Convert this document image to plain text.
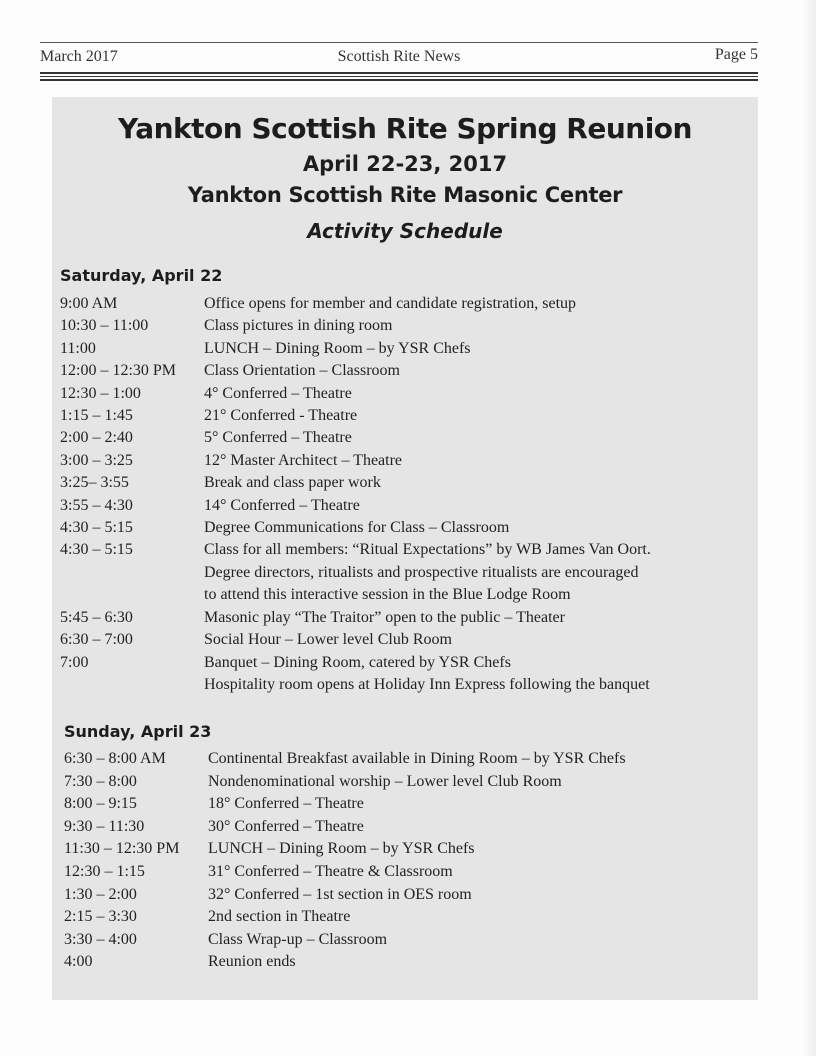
March 2017	Scottish Rite News	Page 5
Yankton Scottish Rite Spring Reunion
April 22-23, 2017
Yankton Scottish Rite Masonic Center
Activity Schedule
Saturday, April 22
9:00 AM	Office opens for member and candidate registration, setup
10:30 – 11:00	Class pictures in dining room
11:00	LUNCH – Dining Room – by YSR Chefs
12:00 – 12:30 PM	Class Orientation – Classroom
12:30 – 1:00	4° Conferred – Theatre
1:15 – 1:45	21° Conferred - Theatre
2:00 – 2:40	5° Conferred – Theatre
3:00 – 3:25	12° Master Architect – Theatre
3:25– 3:55	Break and class paper work
3:55 – 4:30	14° Conferred – Theatre
4:30 – 5:15	Degree Communications for Class – Classroom
4:30 – 5:15	Class for all members: “Ritual Expectations” by WB James Van Oort.
Degree directors, ritualists and prospective ritualists are encouraged
to attend this interactive session in the Blue Lodge Room
5:45 – 6:30	Masonic play “The Traitor” open to the public – Theater
6:30 – 7:00	Social Hour – Lower level Club Room
7:00	Banquet – Dining Room, catered by YSR Chefs
Hospitality room opens at Holiday Inn Express following the banquet
Sunday, April 23
6:30 – 8:00 AM	Continental Breakfast available in Dining Room – by YSR Chefs
7:30 – 8:00	Nondenominational worship – Lower level Club Room
8:00 – 9:15	18° Conferred – Theatre
9:30 – 11:30	30° Conferred – Theatre
11:30 – 12:30 PM	LUNCH – Dining Room – by YSR Chefs
12:30 – 1:15	31° Conferred – Theatre & Classroom
1:30 – 2:00	32° Conferred – 1st section in OES room
2:15 – 3:30	2nd section in Theatre
3:30 – 4:00	Class Wrap-up – Classroom
4:00	Reunion ends
